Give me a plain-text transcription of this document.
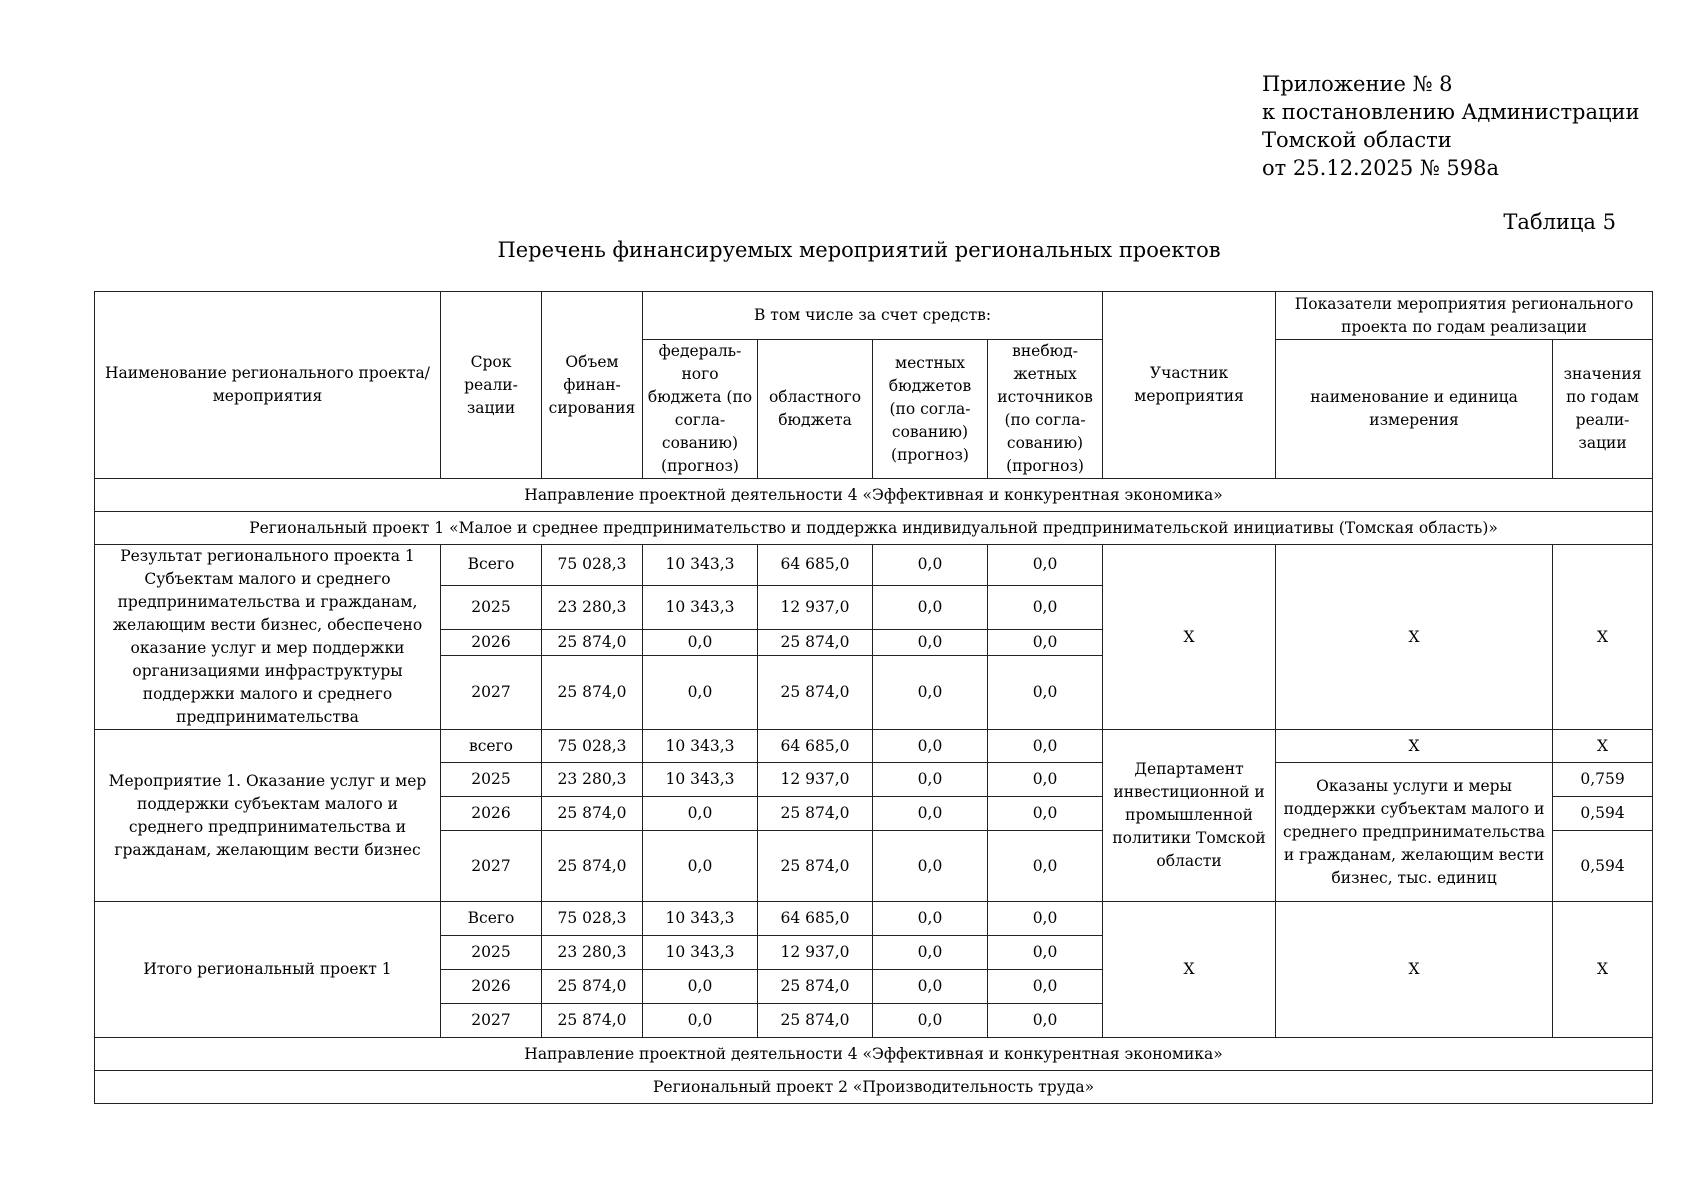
Приложение № 8
к постановлению Администрации
Томской области
от 25.12.2025 № 598а
Таблица 5
Перечень финансируемых мероприятий региональных проектов
Наименование регионального проекта/мероприятия	Срок реали-зации	Объем финан-сирования	В том числе за счет средств:				Участник мероприятия	Показатели мероприятия регионального проекта по годам реализации	
			федераль-ного бюджета (по согла-сованию) (прогноз)	областного бюджета	местных бюджетов (по согла-сованию) (прогноз)	внебюд-жетных источников (по согла-сованию) (прогноз)		наименование и единица измерения	значения по годам реали-зации
Направление проектной деятельности 4 «Эффективная и конкурентная экономика»									
Региональный проект 1 «Малое и среднее предпринимательство и поддержка индивидуальной предпринимательской инициативы (Томская область)»									
Результат регионального проекта 1 Субъектам малого и среднего предпринимательства и гражданам, желающим вести бизнес, обеспечено оказание услуг и мер поддержки организациями инфраструктуры поддержки малого и среднего предпринимательства	Всего	75 028,3	10 343,3	64 685,0	0,0	0,0	X	X	X
	2025	23 280,3	10 343,3	12 937,0	0,0	0,0			
	2026	25 874,0	0,0	25 874,0	0,0	0,0			
	2027	25 874,0	0,0	25 874,0	0,0	0,0			
Мероприятие 1. Оказание услуг и мер поддержки субъектам малого и среднего предпринимательства и гражданам, желающим вести бизнес	всего	75 028,3	10 343,3	64 685,0	0,0	0,0	Департамент инвестиционной и промышленной политики Томской области	X	X
	2025	23 280,3	10 343,3	12 937,0	0,0	0,0		Оказаны услуги и меры поддержки субъектам малого и среднего предпринимательства и гражданам, желающим вести бизнес, тыс. единиц	0,759
	2026	25 874,0	0,0	25 874,0	0,0	0,0			0,594
	2027	25 874,0	0,0	25 874,0	0,0	0,0			0,594
Итого региональный проект 1	Всего	75 028,3	10 343,3	64 685,0	0,0	0,0	X	X	X
	2025	23 280,3	10 343,3	12 937,0	0,0	0,0			
	2026	25 874,0	0,0	25 874,0	0,0	0,0			
	2027	25 874,0	0,0	25 874,0	0,0	0,0			
Направление проектной деятельности 4 «Эффективная и конкурентная экономика»									
Региональный проект 2 «Производительность труда»									
